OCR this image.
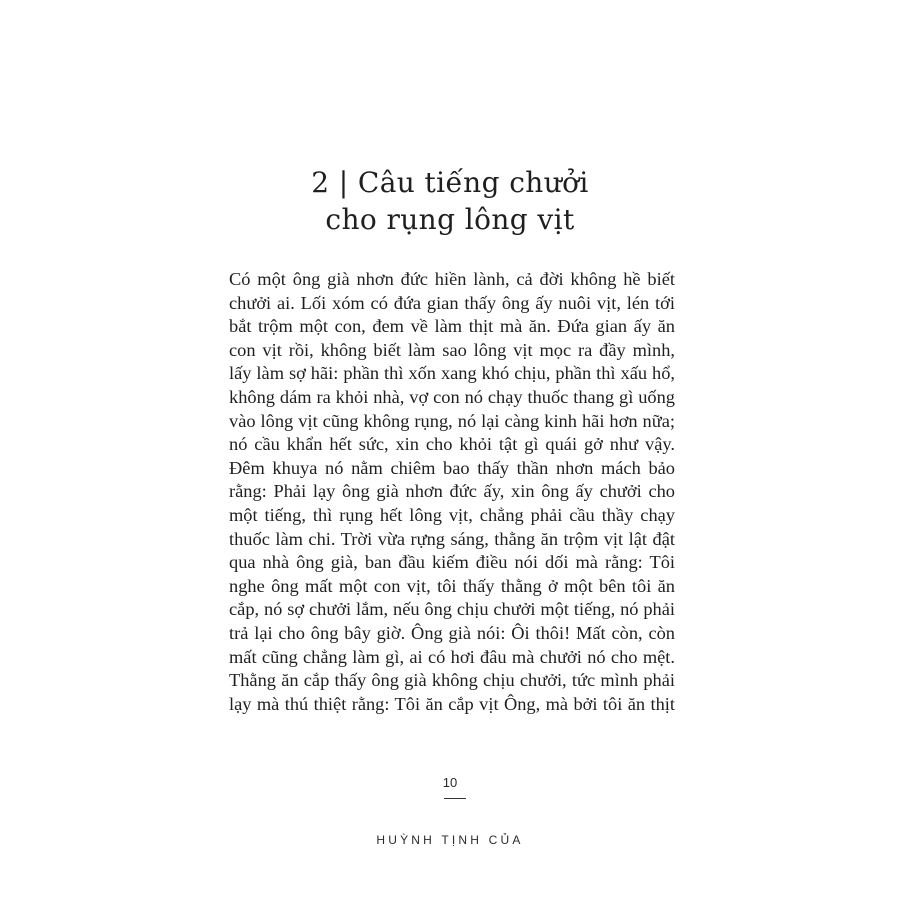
2 | Câu tiếng chưởi
cho rụng lông vịt
Có một ông già nhơn đức hiền lành, cả đời không hề biết
chưởi ai. Lối xóm có đứa gian thấy ông ấy nuôi vịt, lén tới
bắt trộm một con, đem về làm thịt mà ăn. Đứa gian ấy ăn
con vịt rồi, không biết làm sao lông vịt mọc ra đầy mình,
lấy làm sợ hãi: phần thì xốn xang khó chịu, phần thì xấu hổ,
không dám ra khỏi nhà, vợ con nó chạy thuốc thang gì uống
vào lông vịt cũng không rụng, nó lại càng kinh hãi hơn nữa;
nó cầu khẩn hết sức, xin cho khỏi tật gì quái gở như vậy.
Đêm khuya nó nằm chiêm bao thấy thần nhơn mách bảo
rằng: Phải lạy ông già nhơn đức ấy, xin ông ấy chưởi cho
một tiếng, thì rụng hết lông vịt, chẳng phải cầu thầy chạy
thuốc làm chi. Trời vừa rựng sáng, thằng ăn trộm vịt lật đật
qua nhà ông già, ban đầu kiếm điều nói dối mà rằng: Tôi
nghe ông mất một con vịt, tôi thấy thằng ở một bên tôi ăn
cắp, nó sợ chưởi lắm, nếu ông chịu chưởi một tiếng, nó phải
trả lại cho ông bây giờ. Ông già nói: Ôi thôi! Mất còn, còn
mất cũng chẳng làm gì, ai có hơi đâu mà chưởi nó cho mệt.
Thằng ăn cắp thấy ông già không chịu chưởi, tức mình phải
lạy mà thú thiệt rằng: Tôi ăn cắp vịt Ông, mà bởi tôi ăn thịt
10
HUỲNH TỊNH CỦA
